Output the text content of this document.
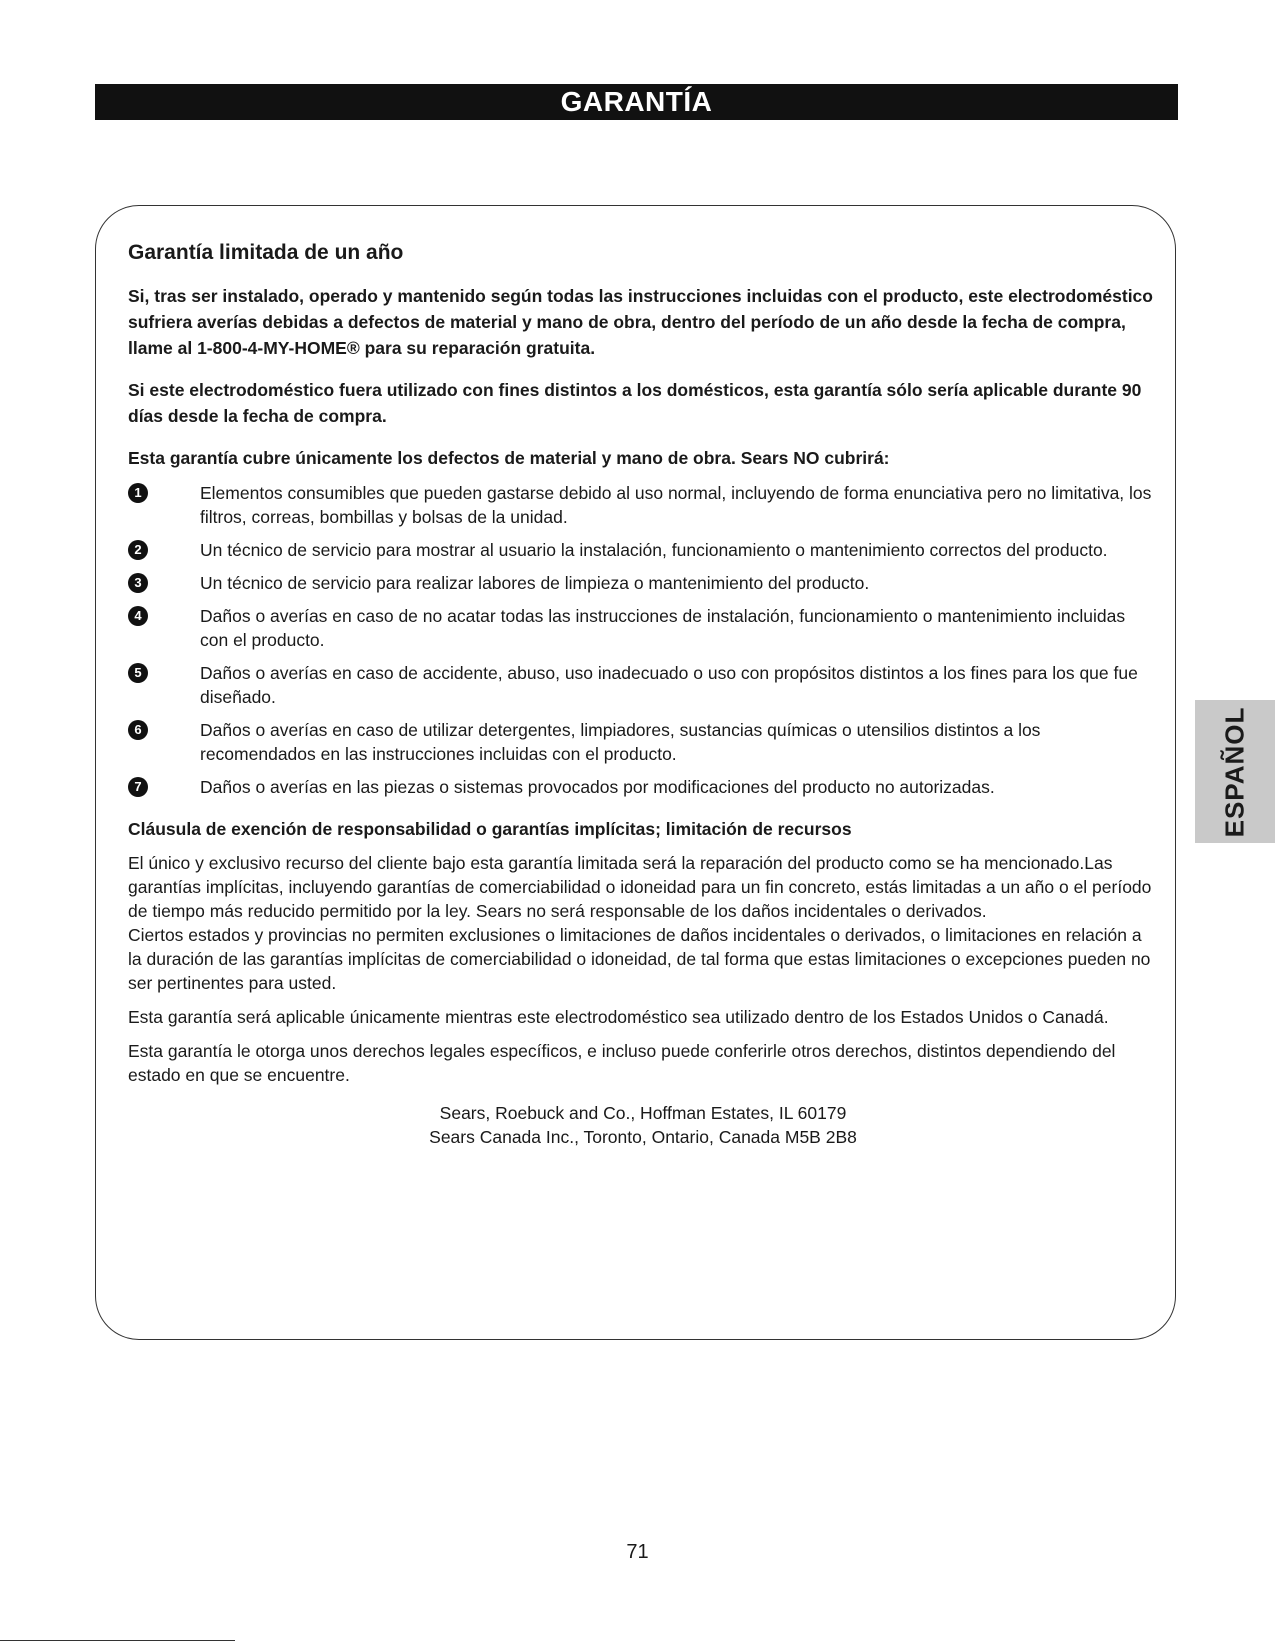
GARANTÍA
Garantía limitada de un año

Si, tras ser instalado, operado y mantenido según todas las instrucciones incluidas con el producto, este electrodoméstico sufriera averías debidas a defectos de material y mano de obra, dentro del período de un año desde la fecha de compra, llame al 1-800-4-MY-HOME® para su reparación gratuita.

Si este electrodoméstico fuera utilizado con fines distintos a los domésticos, esta garantía sólo sería aplicable durante 90 días desde la fecha de compra.

Esta garantía cubre únicamente los defectos de material y mano de obra. Sears NO cubrirá:

1	Elementos consumibles que pueden gastarse debido al uso normal, incluyendo de forma enunciativa pero no limitativa, los filtros, correas, bombillas y bolsas de la unidad.
2	Un técnico de servicio para mostrar al usuario la instalación, funcionamiento o mantenimiento correctos del producto.
3	Un técnico de servicio para realizar labores de limpieza o mantenimiento del producto.
4	Daños o averías en caso de no acatar todas las instrucciones de instalación, funcionamiento o mantenimiento incluidas con el producto.
5	Daños o averías en caso de accidente, abuso, uso inadecuado o uso con propósitos distintos a los fines para los que fue diseñado.
6	Daños o averías en caso de utilizar detergentes, limpiadores, sustancias químicas o utensilios distintos a los recomendados en las instrucciones incluidas con el producto.
7	Daños o averías en las piezas o sistemas provocados por modificaciones del producto no autorizadas.
Cláusula de exención de responsabilidad o garantías implícitas; limitación de recursos

El único y exclusivo recurso del cliente bajo esta garantía limitada será la reparación del producto como se ha mencionado.Las garantías implícitas, incluyendo garantías de comerciabilidad o idoneidad para un fin concreto, estás limitadas a un año o el período de tiempo más reducido permitido por la ley. Sears no será responsable de los daños incidentales o derivados.

Ciertos estados y provincias no permiten exclusiones o limitaciones de daños incidentales o derivados, o limitaciones en relación a la duración de las garantías implícitas de comerciabilidad o idoneidad, de tal forma que estas limitaciones o excepciones pueden no ser pertinentes para usted.

Esta garantía será aplicable únicamente mientras este electrodoméstico sea utilizado dentro de los Estados Unidos o Canadá.

Esta garantía le otorga unos derechos legales específicos, e incluso puede conferirle otros derechos, distintos dependiendo del estado en que se encuentre.

Sears, Roebuck and Co., Hoffman Estates, IL 60179
Sears Canada Inc., Toronto, Ontario, Canada M5B 2B8
ESPAÑOL
71
